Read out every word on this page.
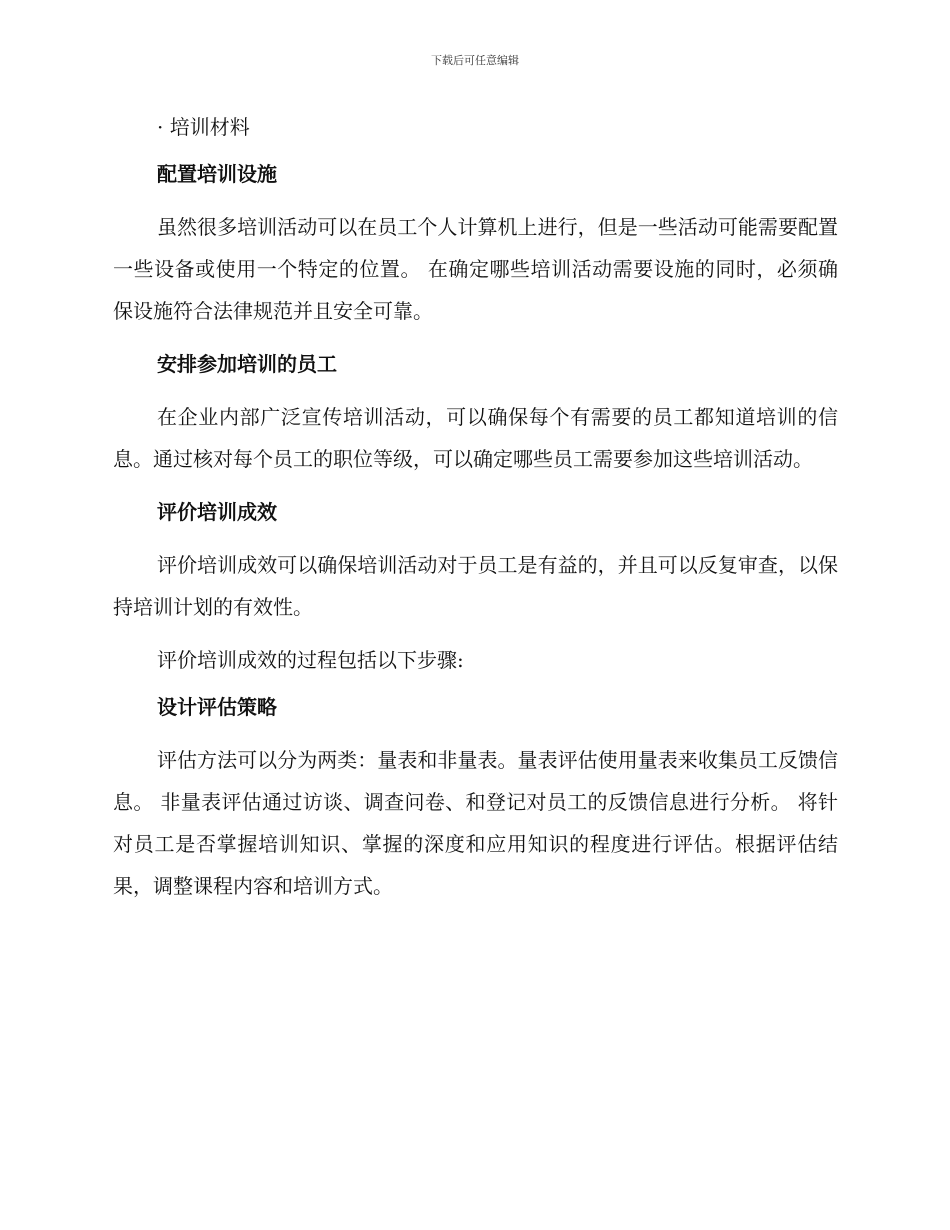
下载后可任意编辑

· 培训材料

配置培训设施

虽然很多培训活动可以在员工个人计算机上进行，但是一些活动可能需要配置一些设备或使用一个特定的位置。 在确定哪些培训活动需要设施的同时，必须确保设施符合法律规范并且安全可靠。

安排参加培训的员工

在企业内部广泛宣传培训活动，可以确保每个有需要的员工都知道培训的信息。通过核对每个员工的职位等级，可以确定哪些员工需要参加这些培训活动。

评价培训成效

评价培训成效可以确保培训活动对于员工是有益的，并且可以反复审查，以保持培训计划的有效性。

评价培训成效的过程包括以下步骤:

设计评估策略

评估方法可以分为两类：量表和非量表。量表评估使用量表来收集员工反馈信息。 非量表评估通过访谈、调查问卷、和登记对员工的反馈信息进行分析。 将针对员工是否掌握培训知识、掌握的深度和应用知识的程度进行评估。根据评估结果，调整课程内容和培训方式。
